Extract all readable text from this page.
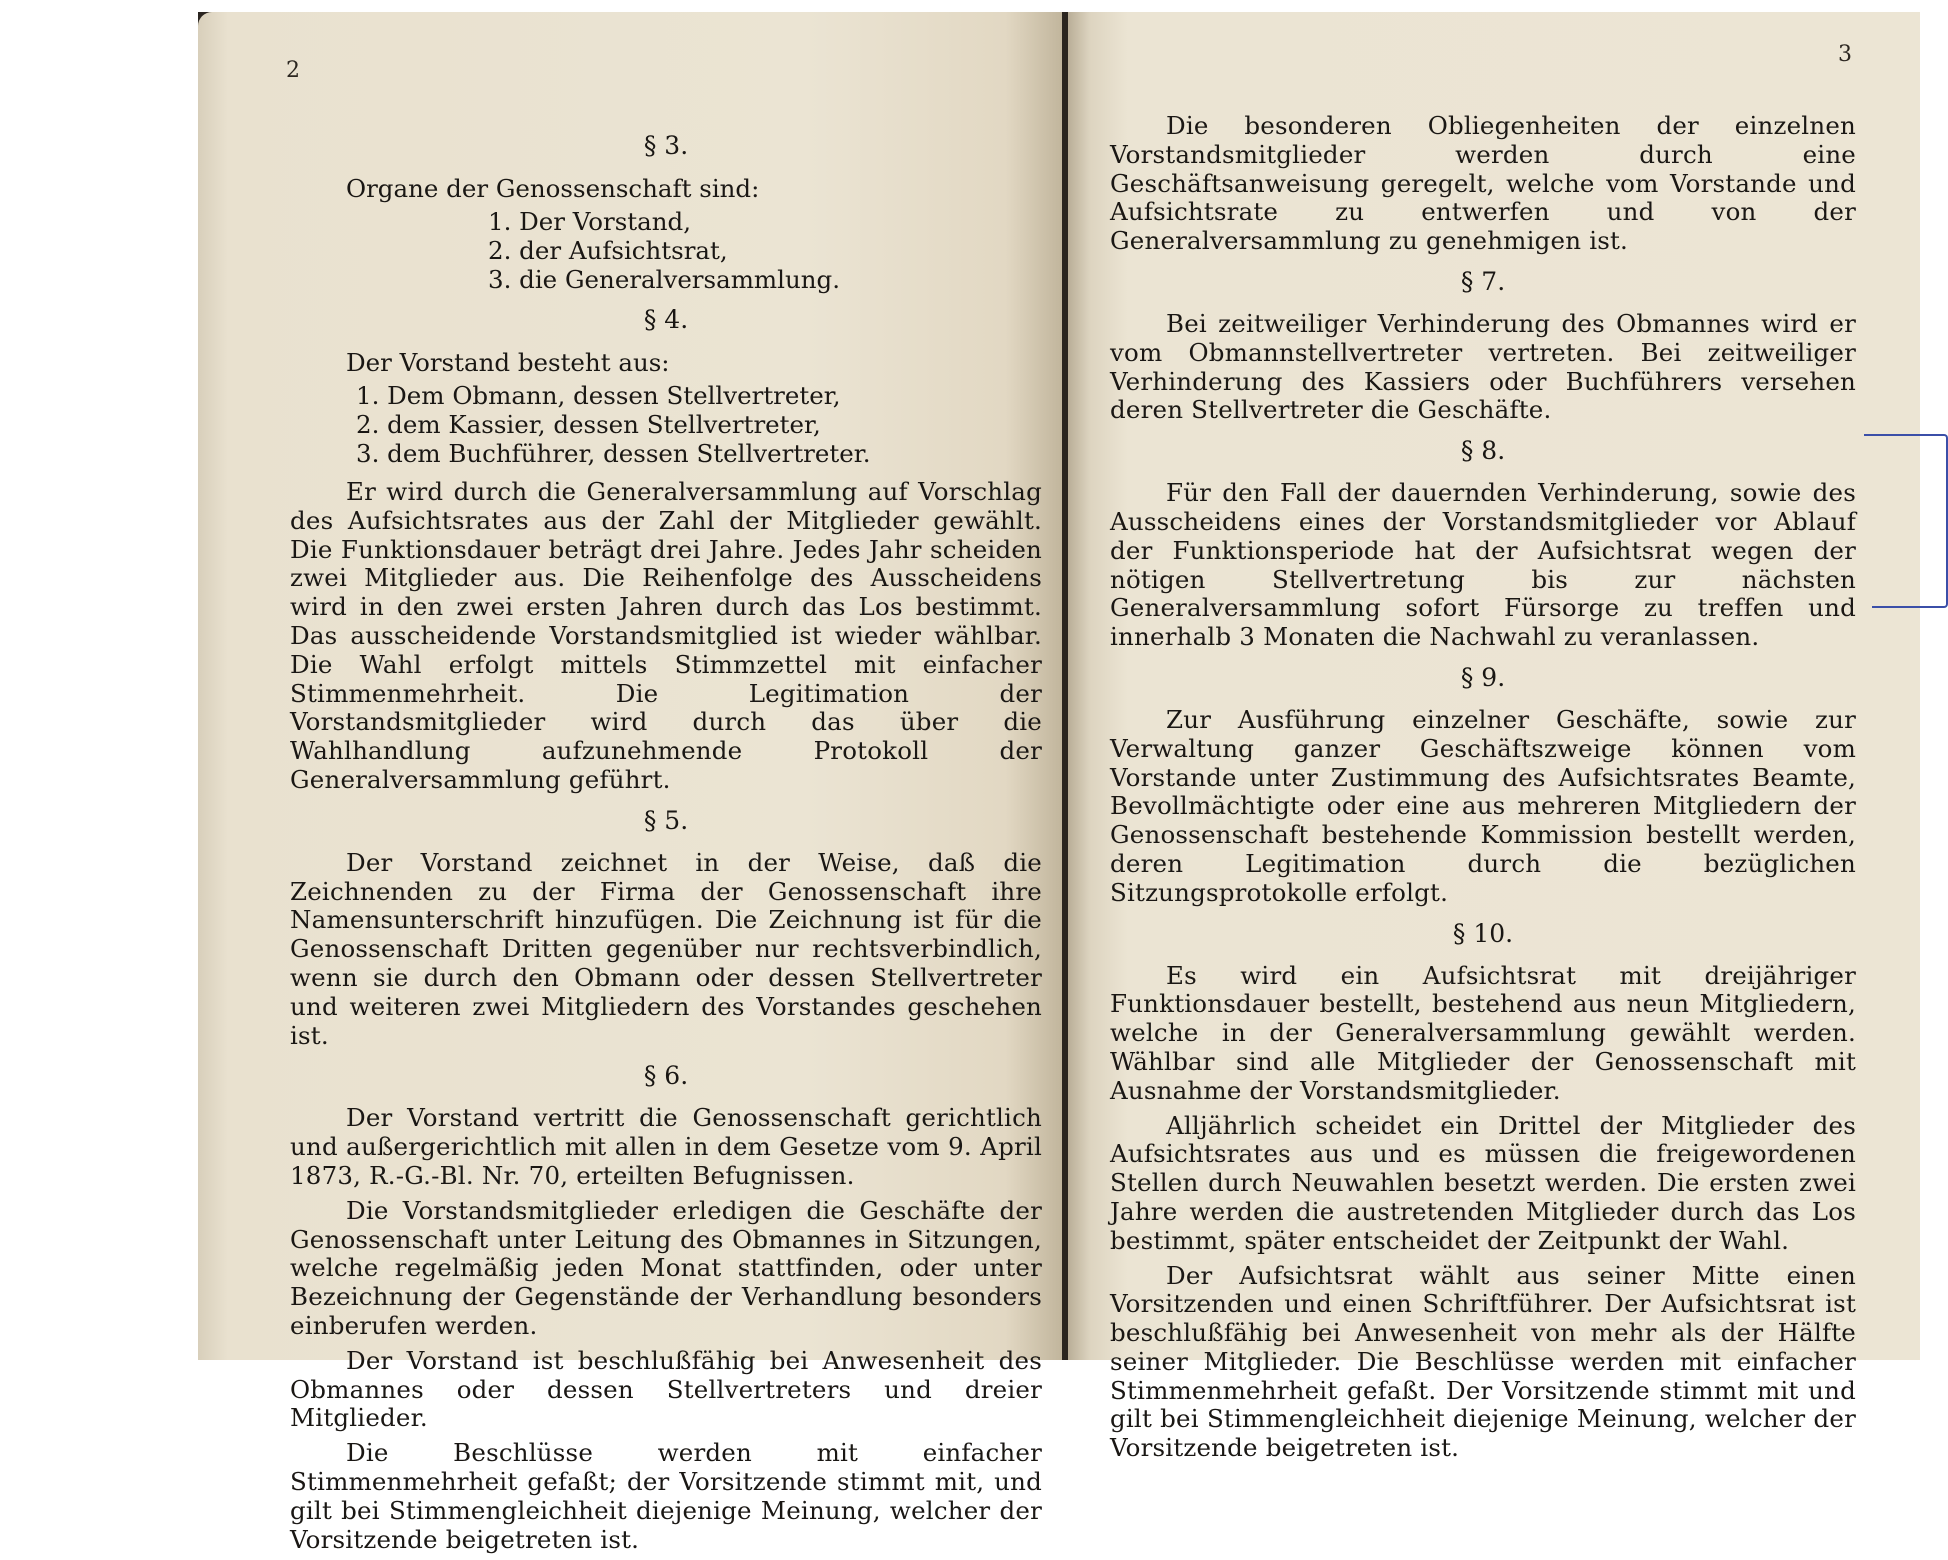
2
§ 3.
Organe der Genossenschaft sind:
1. Der Vorstand,
2. der Aufsichtsrat,
3. die Generalversammlung.
§ 4.
Der Vorstand besteht aus:
1. Dem Obmann, dessen Stellvertreter,
2. dem Kassier, dessen Stellvertreter,
3. dem Buchführer, dessen Stellvertreter.

Er wird durch die Generalversammlung auf Vorschlag des Aufsichtsrates aus der Zahl der Mitglieder gewählt. Die Funktionsdauer beträgt drei Jahre. Jedes Jahr scheiden zwei Mitglieder aus. Die Reihenfolge des Ausscheidens wird in den zwei ersten Jahren durch das Los bestimmt. Das ausscheidende Vorstandsmitglied ist wieder wählbar. Die Wahl erfolgt mittels Stimmzettel mit einfacher Stimmenmehrheit. Die Legitimation der Vorstandsmitglieder wird durch das über die Wahlhandlung aufzunehmende Protokoll der Generalversammlung geführt.

§ 5.

Der Vorstand zeichnet in der Weise, daß die Zeichnenden zu der Firma der Genossenschaft ihre Namensunterschrift hinzufügen. Die Zeichnung ist für die Genossenschaft Dritten gegenüber nur rechtsverbindlich, wenn sie durch den Obmann oder dessen Stellvertreter und weiteren zwei Mitgliedern des Vorstandes geschehen ist.

§ 6.

Der Vorstand vertritt die Genossenschaft gerichtlich und außergerichtlich mit allen in dem Gesetze vom 9. April 1873, R.-G.-Bl. Nr. 70, erteilten Befugnissen.

Die Vorstandsmitglieder erledigen die Geschäfte der Genossenschaft unter Leitung des Obmannes in Sitzungen, welche regelmäßig jeden Monat stattfinden, oder unter Bezeichnung der Gegenstände der Verhandlung besonders einberufen werden.

Der Vorstand ist beschlußfähig bei Anwesenheit des Obmannes oder dessen Stellvertreters und dreier Mitglieder.

Die Beschlüsse werden mit einfacher Stimmenmehrheit gefaßt; der Vorsitzende stimmt mit, und gilt bei Stimmengleichheit diejenige Meinung, welcher der Vorsitzende beigetreten ist.

3

Die besonderen Obliegenheiten der einzelnen Vorstandsmitglieder werden durch eine Geschäftsanweisung geregelt, welche vom Vorstande und Aufsichtsrate zu entwerfen und von der Generalversammlung zu genehmigen ist.

§ 7.

Bei zeitweiliger Verhinderung des Obmannes wird er vom Obmannstellvertreter vertreten. Bei zeitweiliger Verhinderung des Kassiers oder Buchführers versehen deren Stellvertreter die Geschäfte.

§ 8.

Für den Fall der dauernden Verhinderung, sowie des Ausscheidens eines der Vorstandsmitglieder vor Ablauf der Funktionsperiode hat der Aufsichtsrat wegen der nötigen Stellvertretung bis zur nächsten Generalversammlung sofort Fürsorge zu treffen und innerhalb 3 Monaten die Nachwahl zu veranlassen.

§ 9.

Zur Ausführung einzelner Geschäfte, sowie zur Verwaltung ganzer Geschäftszweige können vom Vorstande unter Zustimmung des Aufsichtsrates Beamte, Bevollmächtigte oder eine aus mehreren Mitgliedern der Genossenschaft bestehende Kommission bestellt werden, deren Legitimation durch die bezüglichen Sitzungsprotokolle erfolgt.

§ 10.

Es wird ein Aufsichtsrat mit dreijähriger Funktionsdauer bestellt, bestehend aus neun Mitgliedern, welche in der Generalversammlung gewählt werden. Wählbar sind alle Mitglieder der Genossenschaft mit Ausnahme der Vorstandsmitglieder.

Alljährlich scheidet ein Drittel der Mitglieder des Aufsichtsrates aus und es müssen die freigewordenen Stellen durch Neuwahlen besetzt werden. Die ersten zwei Jahre werden die austretenden Mitglieder durch das Los bestimmt, später entscheidet der Zeitpunkt der Wahl.

Der Aufsichtsrat wählt aus seiner Mitte einen Vorsitzenden und einen Schriftführer. Der Aufsichtsrat ist beschlußfähig bei Anwesenheit von mehr als der Hälfte seiner Mitglieder. Die Beschlüsse werden mit einfacher Stimmenmehrheit gefaßt. Der Vorsitzende stimmt mit und gilt bei Stimmengleichheit diejenige Meinung, welcher der Vorsitzende beigetreten ist.
